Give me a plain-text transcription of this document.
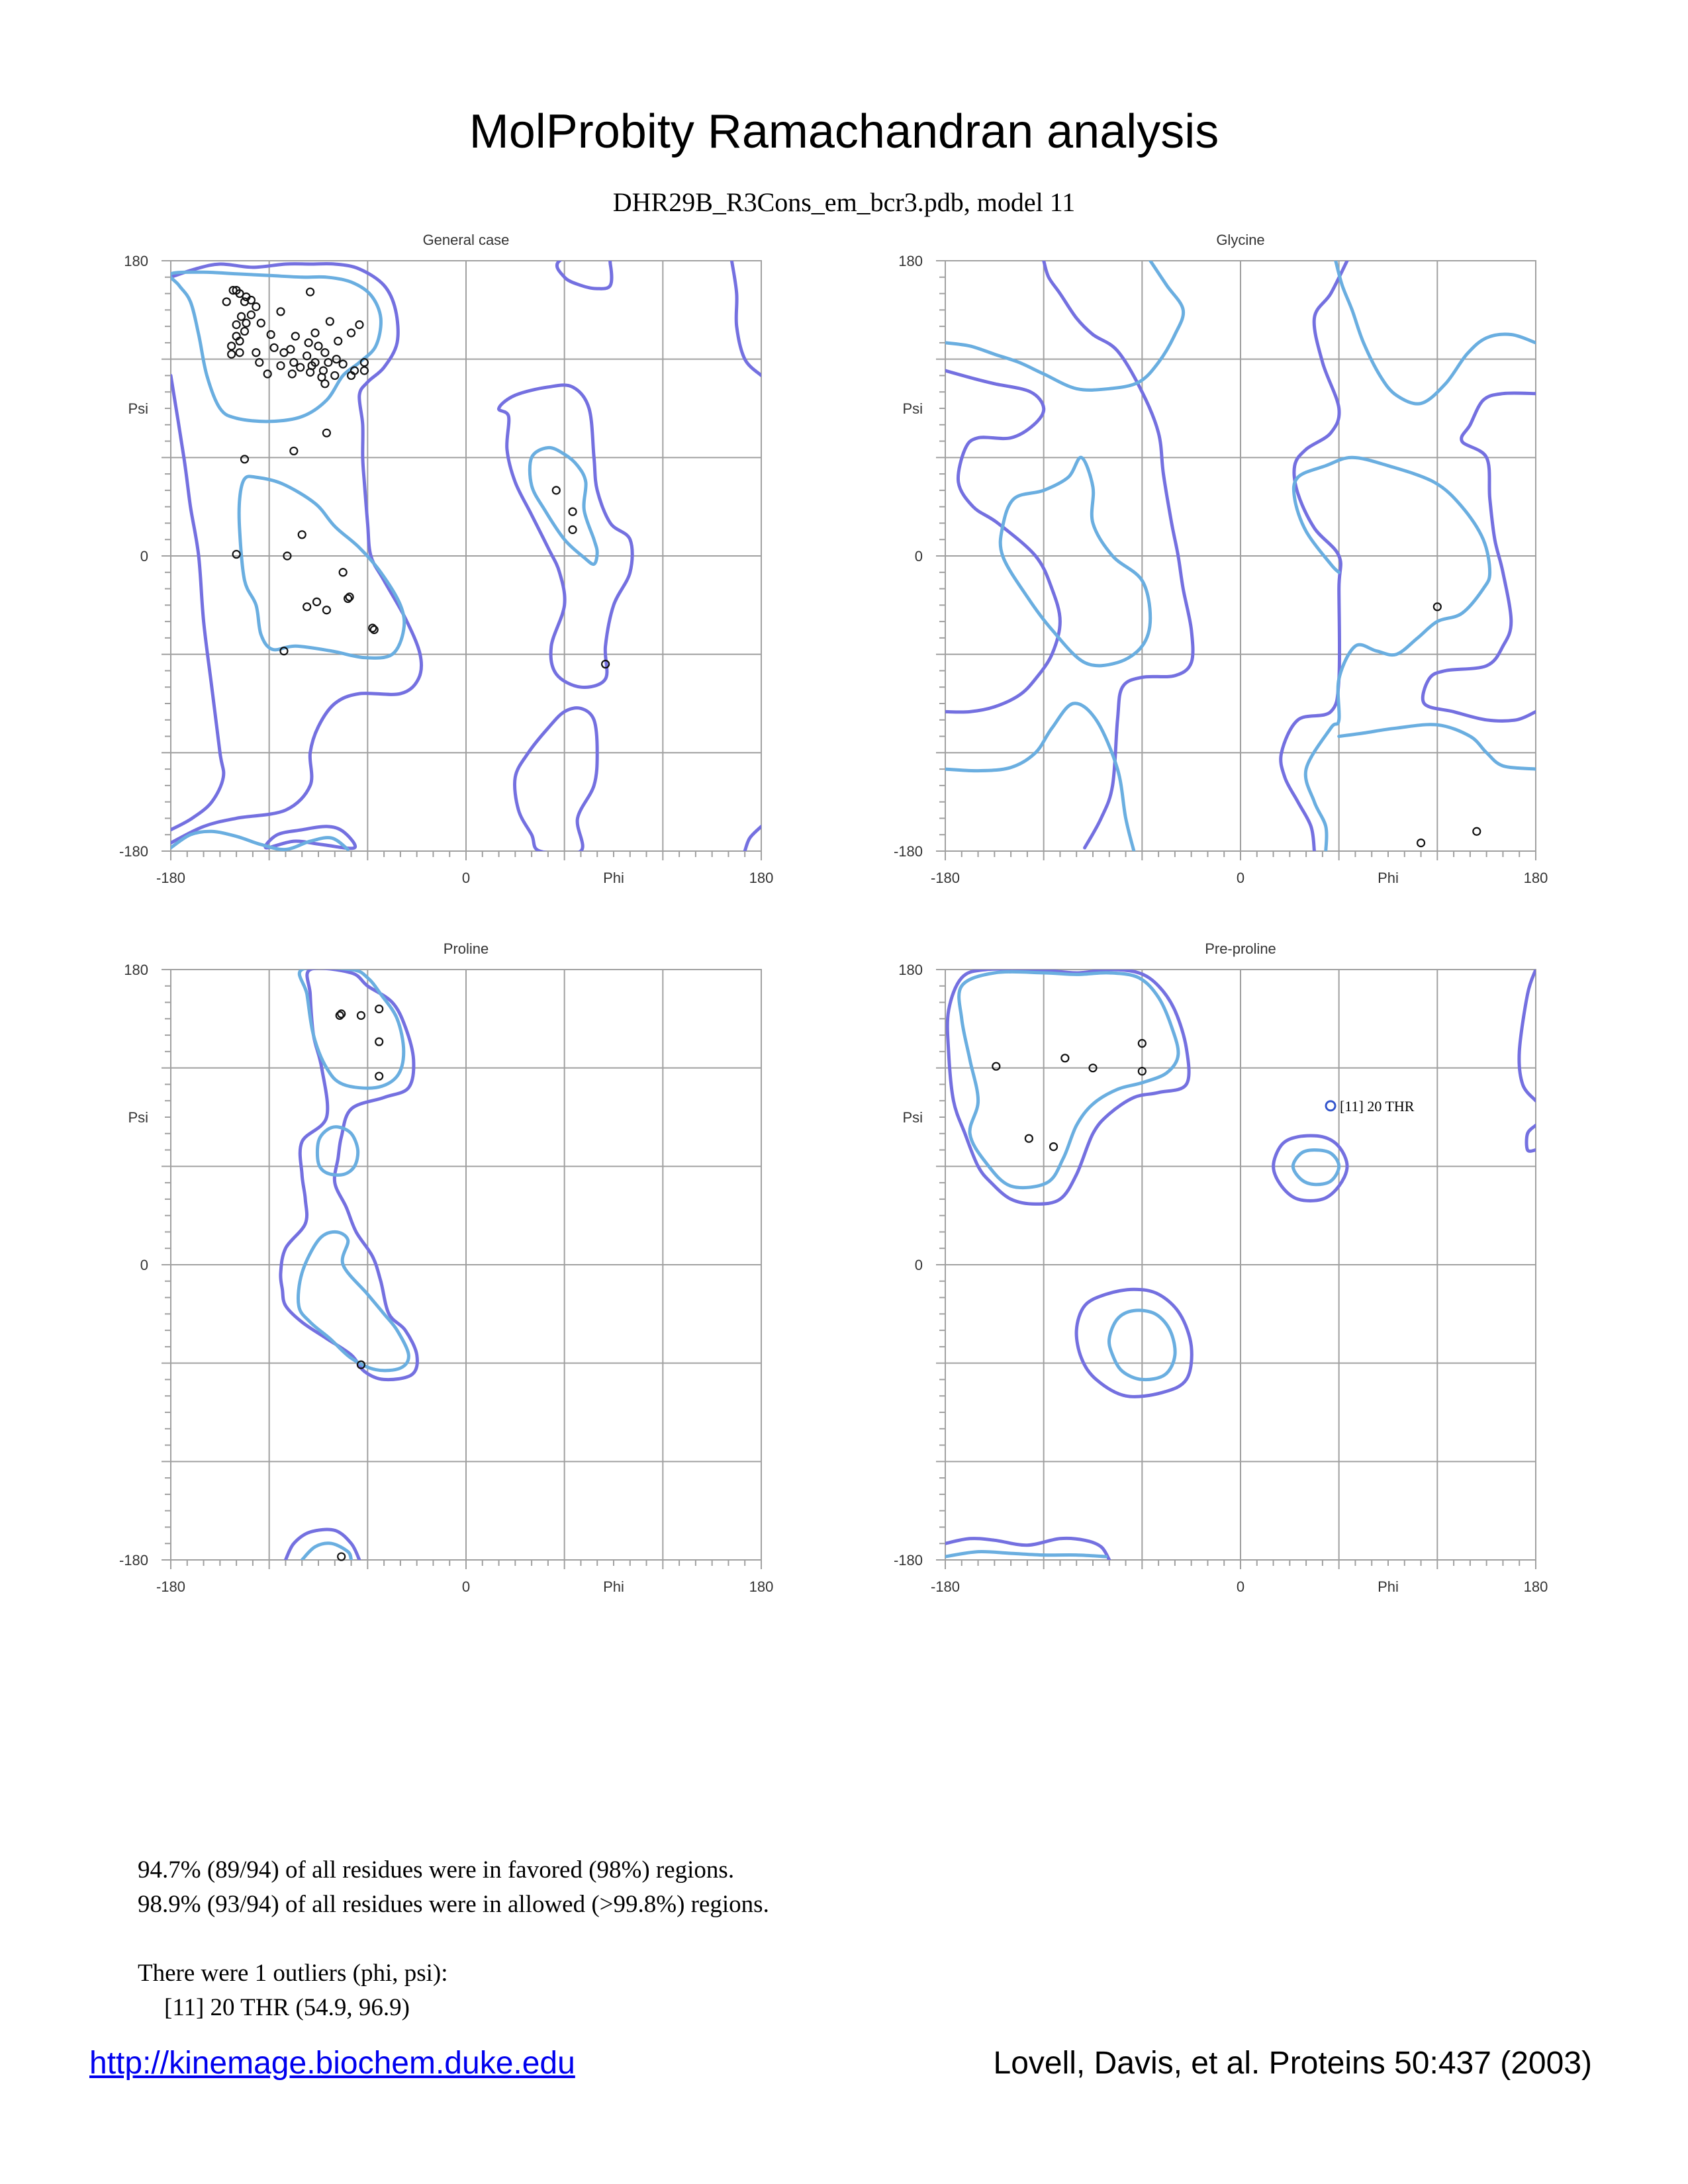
MolProbity Ramachandran analysis
DHR29B_R3Cons_em_bcr3.pdb, model 11
General case
-180	0	180
180
0
-180
Phi
Psi
Glycine
-180	0	180
180
0
-180
Phi
Psi
Proline
-180	0	180
180
0
-180
Phi
Psi
Pre-proline
[11] 20 THR
-180	0	180
180
0
-180
Phi
Psi
94.7% (89/94) of all residues were in favored (98%) regions.
98.9% (93/94) of all residues were in allowed (>99.8%) regions.
There were 1 outliers (phi, psi):
[11] 20 THR (54.9, 96.9)
http://kinemage.biochem.duke.edu	Lovell, Davis, et al. Proteins 50:437 (2003)
